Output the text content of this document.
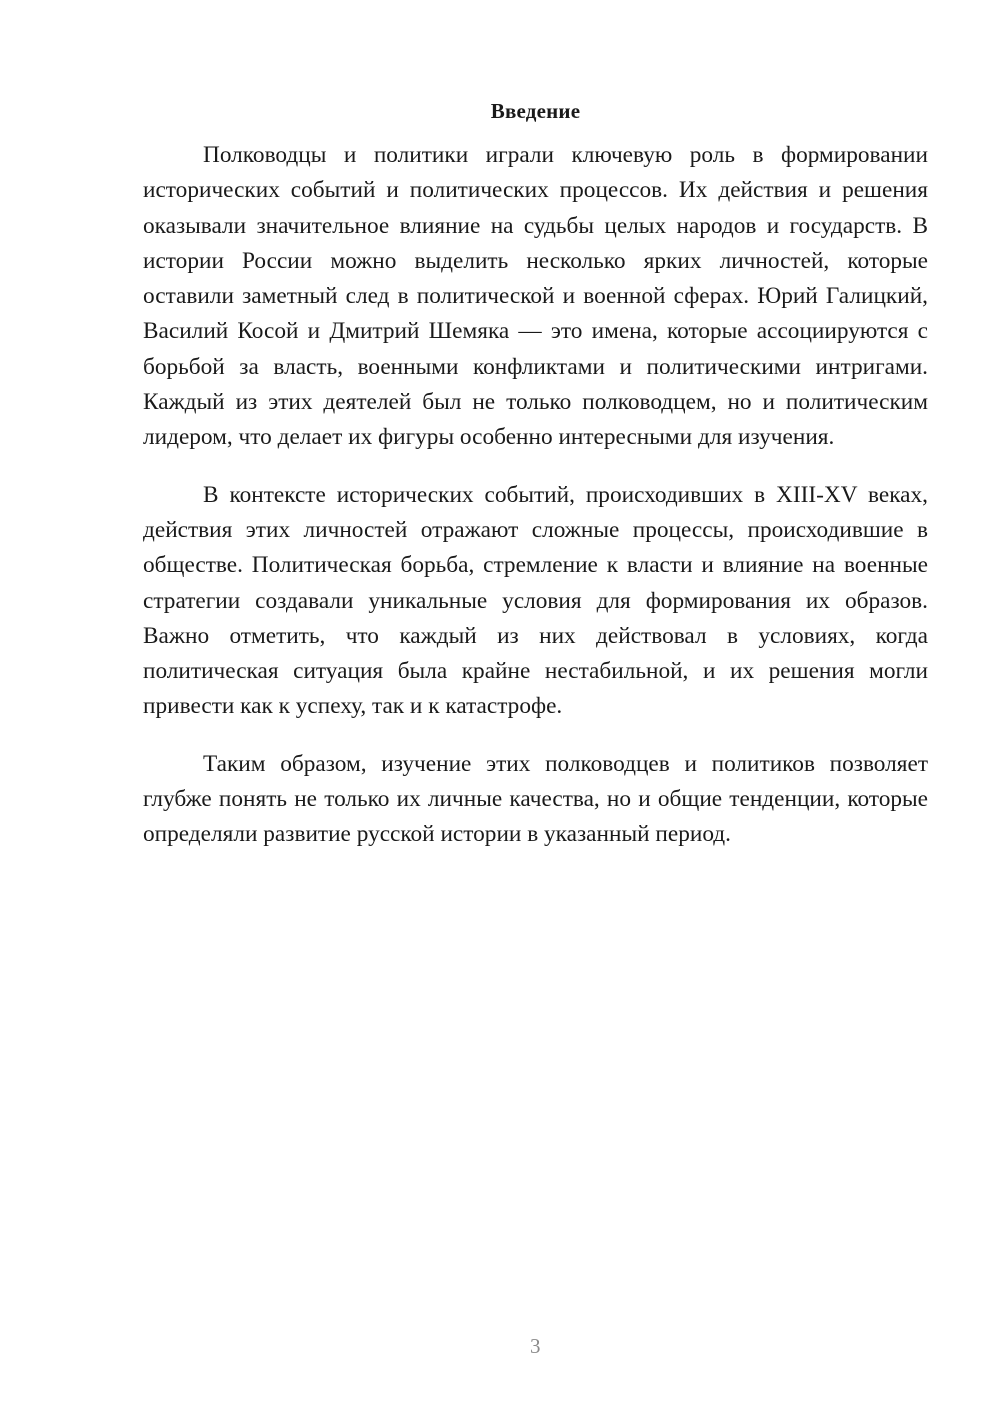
Введение

Полководцы и политики играли ключевую роль в формировании исторических событий и политических процессов. Их действия и решения оказывали значительное влияние на судьбы целых народов и государств. В истории России можно выделить несколько ярких личностей, которые оставили заметный след в политической и военной сферах. Юрий Галицкий, Василий Косой и Дмитрий Шемяка — это имена, которые ассоциируются с борьбой за власть, военными конфликтами и политическими интригами. Каждый из этих деятелей был не только полководцем, но и политическим лидером, что делает их фигуры особенно интересными для изучения.

В контексте исторических событий, происходивших в XIII-XV веках, действия этих личностей отражают сложные процессы, происходившие в обществе. Политическая борьба, стремление к власти и влияние на военные стратегии создавали уникальные условия для формирования их образов. Важно отметить, что каждый из них действовал в условиях, когда политическая ситуация была крайне нестабильной, и их решения могли привести как к успеху, так и к катастрофе.

Таким образом, изучение этих полководцев и политиков позволяет глубже понять не только их личные качества, но и общие тенденции, которые определяли развитие русской истории в указанный период.

3
